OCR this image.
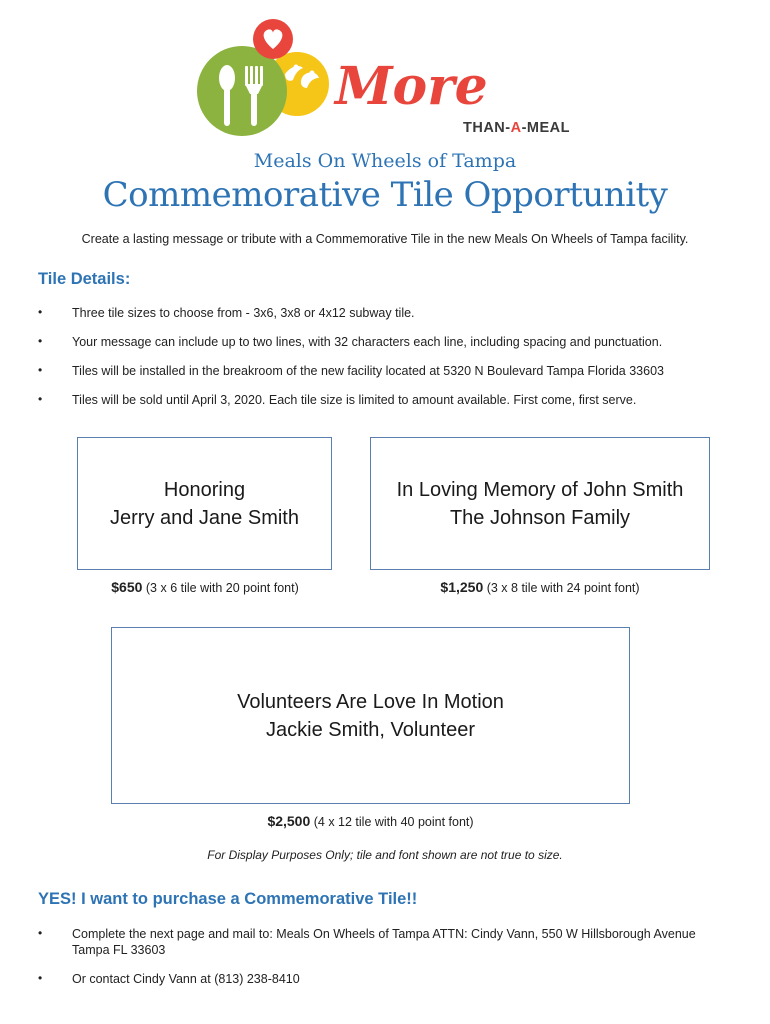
More
THAN-A-MEAL
Meals On Wheels of Tampa
Commemorative Tile Opportunity
Create a lasting message or tribute with a Commemorative Tile in the new Meals On Wheels of Tampa facility.
Tile Details:
• Three tile sizes to choose from - 3x6, 3x8 or 4x12 subway tile.
• Your message can include up to two lines, with 32 characters each line, including spacing and punctuation.
• Tiles will be installed in the breakroom of the new facility located at 5320 N Boulevard Tampa Florida 33603
• Tiles will be sold until April 3, 2020. Each tile size is limited to amount available. First come, first serve.
Honoring
Jerry and Jane Smith
$650 (3 x 6 tile with 20 point font)
In Loving Memory of John Smith
The Johnson Family
$1,250 (3 x 8 tile with 24 point font)
Volunteers Are Love In Motion
Jackie Smith, Volunteer
$2,500 (4 x 12 tile with 40 point font)
For Display Purposes Only; tile and font shown are not true to size.
YES! I want to purchase a Commemorative Tile!!
• Complete the next page and mail to: Meals On Wheels of Tampa ATTN: Cindy Vann, 550 W Hillsborough Avenue Tampa FL 33603
• Or contact Cindy Vann at (813) 238-8410
